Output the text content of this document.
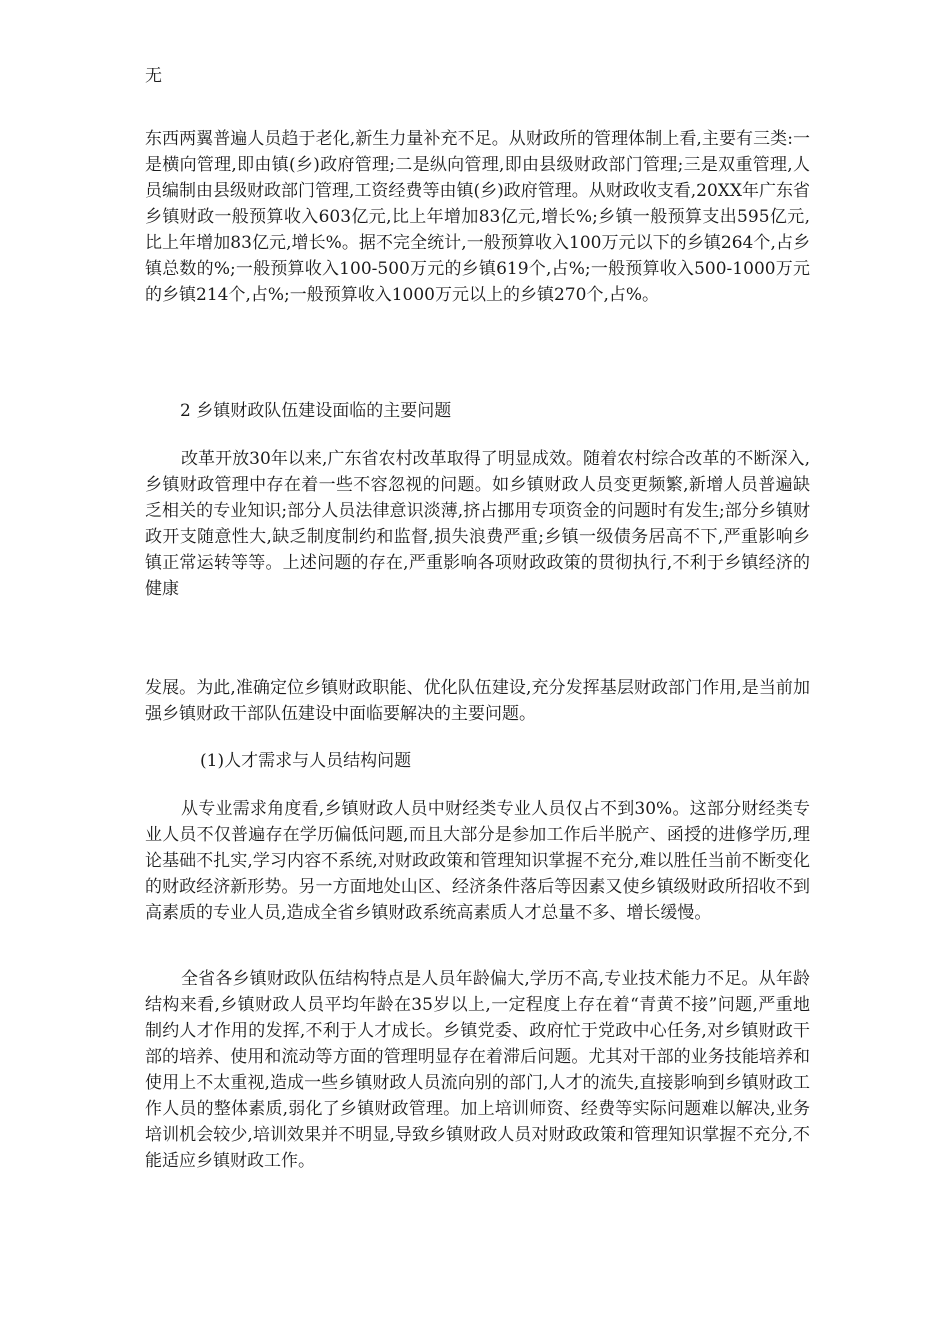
无

东西两翼普遍人员趋于老化,新生力量补充不足。从财政所的管理体制上看,主要有三类:一是横向管理,即由镇(乡)政府管理;二是纵向管理,即由县级财政部门管理;三是双重管理,人员编制由县级财政部门管理,工资经费等由镇(乡)政府管理。从财政收支看,20XX年广东省乡镇财政一般预算收入603亿元,比上年增加83亿元,增长%;乡镇一般预算支出595亿元,比上年增加83亿元,增长%。据不完全统计,一般预算收入100万元以下的乡镇264个,占乡镇总数的%;一般预算收入100-500万元的乡镇619个,占%;一般预算收入500-1000万元的乡镇214个,占%;一般预算收入1000万元以上的乡镇270个,占%。

2 乡镇财政队伍建设面临的主要问题

改革开放30年以来,广东省农村改革取得了明显成效。随着农村综合改革的不断深入,乡镇财政管理中存在着一些不容忽视的问题。如乡镇财政人员变更频繁,新增人员普遍缺乏相关的专业知识;部分人员法律意识淡薄,挤占挪用专项资金的问题时有发生;部分乡镇财政开支随意性大,缺乏制度制约和监督,损失浪费严重;乡镇一级债务居高不下,严重影响乡镇正常运转等等。上述问题的存在,严重影响各项财政政策的贯彻执行,不利于乡镇经济的健康

发展。为此,准确定位乡镇财政职能、优化队伍建设,充分发挥基层财政部门作用,是当前加强乡镇财政干部队伍建设中面临要解决的主要问题。

(1)人才需求与人员结构问题

从专业需求角度看,乡镇财政人员中财经类专业人员仅占不到30%。这部分财经类专业人员不仅普遍存在学历偏低问题,而且大部分是参加工作后半脱产、函授的进修学历,理论基础不扎实,学习内容不系统,对财政政策和管理知识掌握不充分,难以胜任当前不断变化的财政经济新形势。另一方面地处山区、经济条件落后等因素又使乡镇级财政所招收不到高素质的专业人员,造成全省乡镇财政系统高素质人才总量不多、增长缓慢。

全省各乡镇财政队伍结构特点是人员年龄偏大,学历不高,专业技术能力不足。从年龄结构来看,乡镇财政人员平均年龄在35岁以上,一定程度上存在着“青黄不接”问题,严重地制约人才作用的发挥,不利于人才成长。乡镇党委、政府忙于党政中心任务,对乡镇财政干部的培养、使用和流动等方面的管理明显存在着滞后问题。尤其对干部的业务技能培养和使用上不太重视,造成一些乡镇财政人员流向别的部门,人才的流失,直接影响到乡镇财政工作人员的整体素质,弱化了乡镇财政管理。加上培训师资、经费等实际问题难以解决,业务培训机会较少,培训效果并不明显,导致乡镇财政人员对财政政策和管理知识掌握不充分,不能适应乡镇财政工作。
